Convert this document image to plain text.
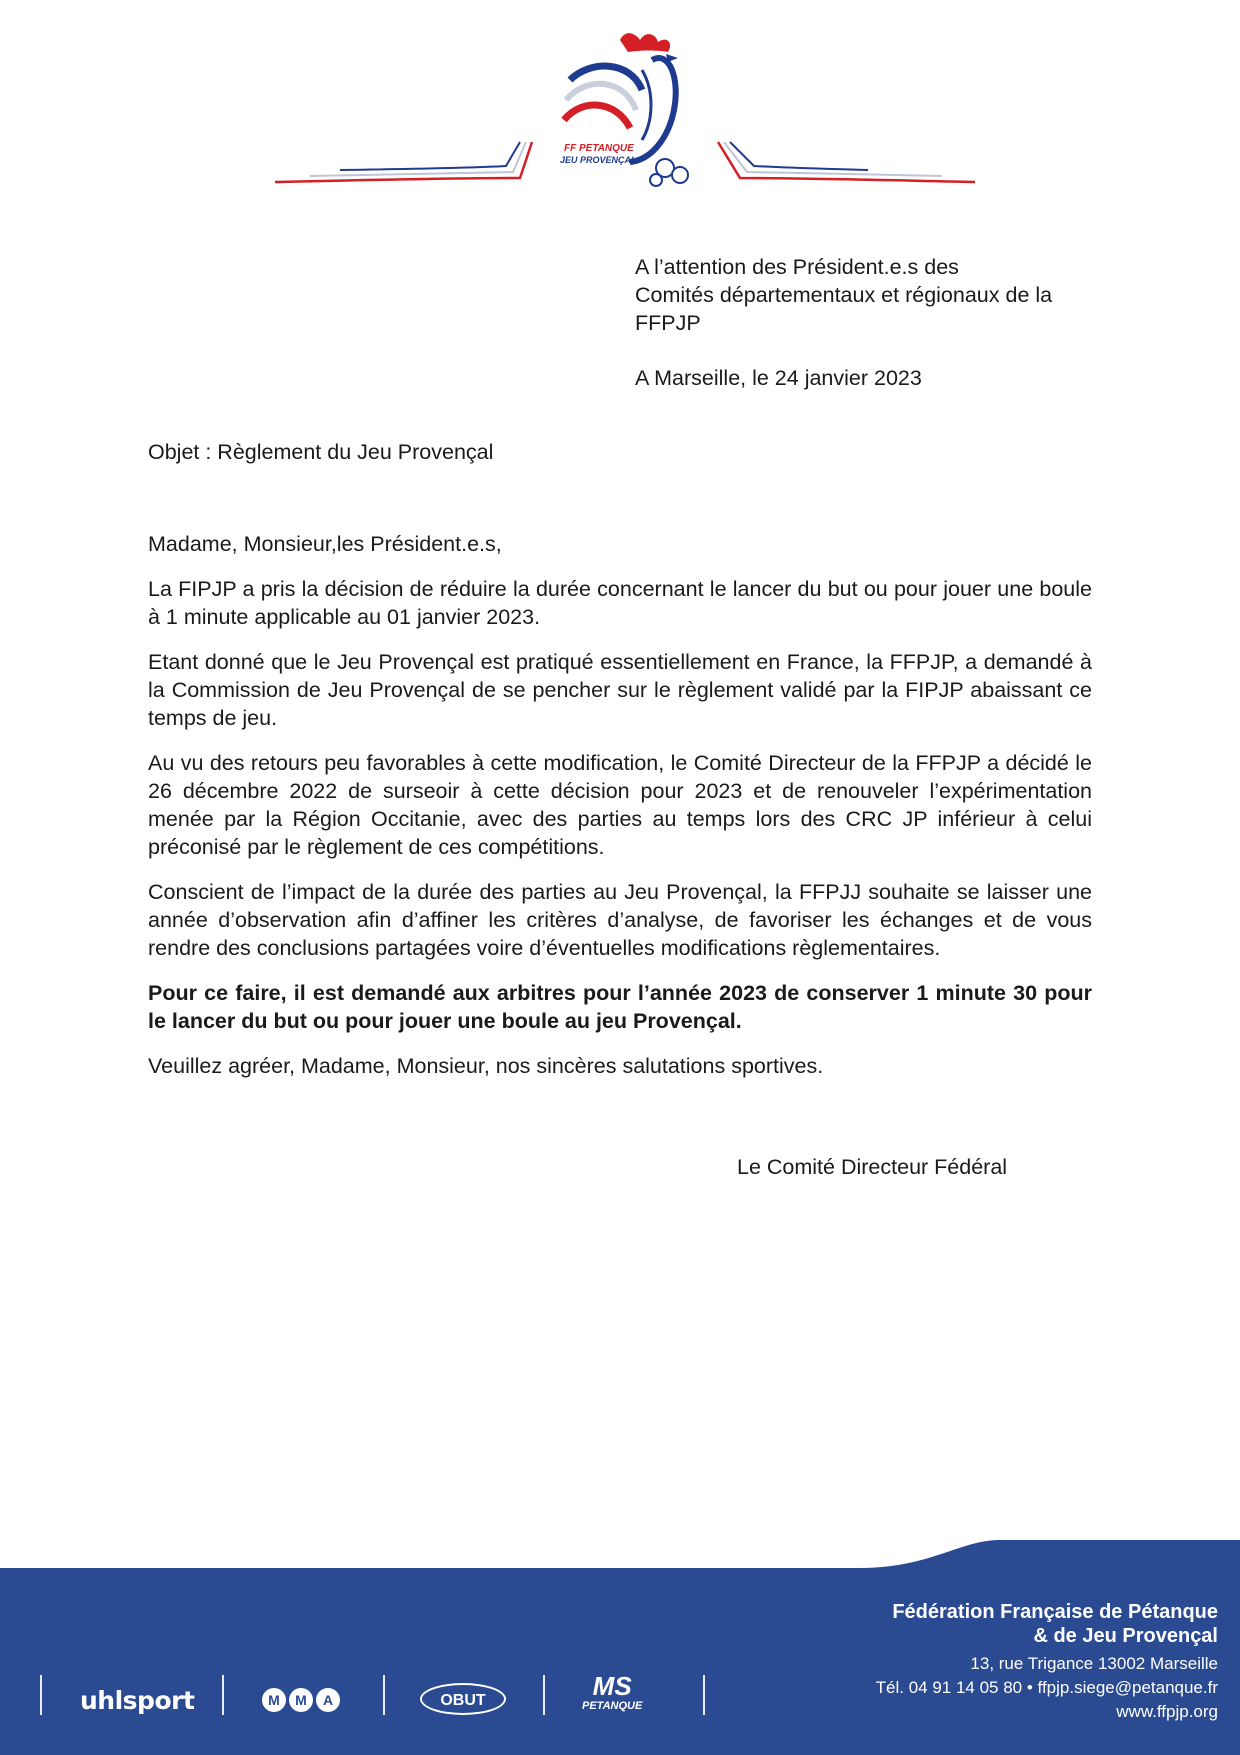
FF PETANQUE
JEU PROVENÇAL
A l’attention des Président.e.s des
Comités départementaux et régionaux de la
FFPJP
A Marseille, le 24 janvier 2023
Objet : Règlement du Jeu Provençal

Madame, Monsieur,les Président.e.s,

La FIPJP a pris la décision de réduire la durée concernant le lancer du but ou pour jouer une boule à 1 minute applicable au 01 janvier 2023.

Etant donné que le Jeu Provençal est pratiqué essentiellement en France, la FFPJP, a demandé à la Commission de Jeu Provençal de se pencher sur le règlement validé par la FIPJP abaissant ce temps de jeu.

Au vu des retours peu favorables à cette modification, le Comité Directeur de la FFPJP a décidé le 26 décembre 2022 de surseoir à cette décision pour 2023 et de renouveler l’expérimentation menée par la Région Occitanie, avec des parties au temps lors des CRC JP inférieur à celui préconisé par le règlement de ces compétitions.

Conscient de l’impact de la durée des parties au Jeu Provençal, la FFPJJ souhaite se laisser une année d’observation afin d’affiner les critères d’analyse, de favoriser les échanges et de vous rendre des conclusions partagées voire d’éventuelles modifications règlementaires.

Pour ce faire, il est demandé aux arbitres pour l’année 2023 de conserver 1 minute 30 pour le lancer du but ou pour jouer une boule au jeu Provençal.

Veuillez agréer, Madame, Monsieur, nos sincères salutations sportives.

Le Comité Directeur Fédéral
Fédération Française de Pétanque
& de Jeu Provençal
13, rue Trigance 13002 Marseille
Tél. 04 91 14 05 80 • ffpjp.siege@petanque.fr
www.ffpjp.org
uhlsport	M M A	OBUT	MS
PETANQUE
